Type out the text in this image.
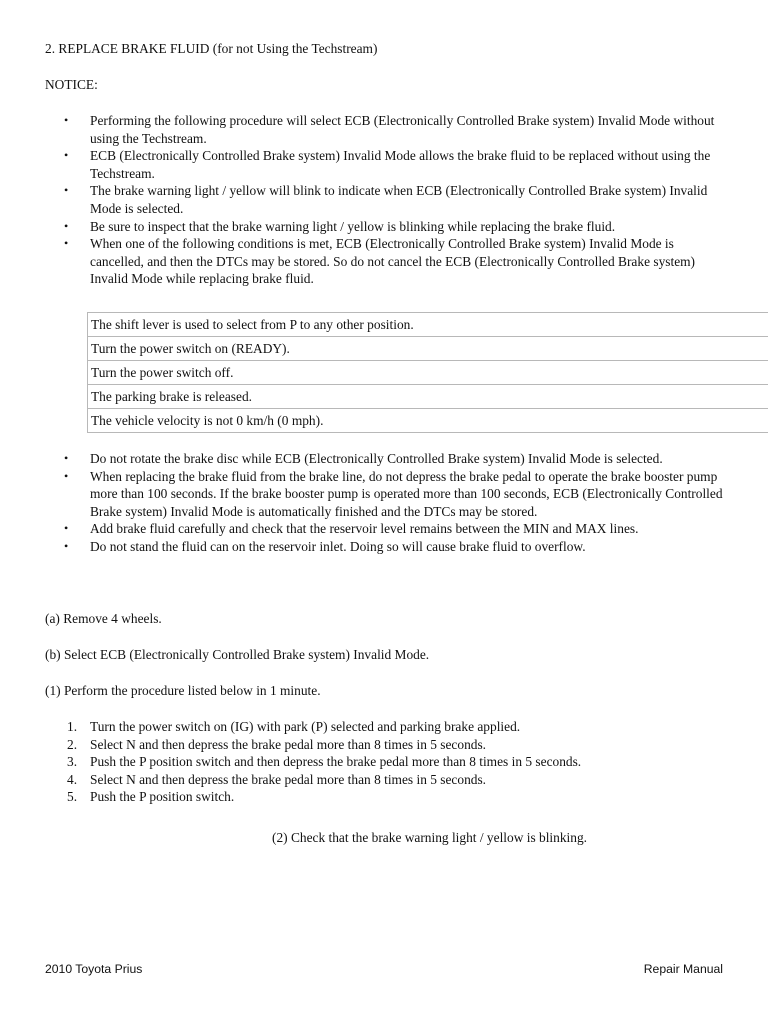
2. REPLACE BRAKE FLUID (for not Using the Techstream)
NOTICE:
• Performing the following procedure will select ECB (Electronically Controlled Brake system) Invalid Mode without using the Techstream.
• ECB (Electronically Controlled Brake system) Invalid Mode allows the brake fluid to be replaced without using the Techstream.
• The brake warning light / yellow will blink to indicate when ECB (Electronically Controlled Brake system) Invalid Mode is selected.
• Be sure to inspect that the brake warning light / yellow is blinking while replacing the brake fluid.
• When one of the following conditions is met, ECB (Electronically Controlled Brake system) Invalid Mode is cancelled, and then the DTCs may be stored. So do not cancel the ECB (Electronically Controlled Brake system) Invalid Mode while replacing brake fluid.
The shift lever is used to select from P to any other position.
Turn the power switch on (READY).
Turn the power switch off.
The parking brake is released.
The vehicle velocity is not 0 km/h (0 mph).
• Do not rotate the brake disc while ECB (Electronically Controlled Brake system) Invalid Mode is selected.
• When replacing the brake fluid from the brake line, do not depress the brake pedal to operate the brake booster pump more than 100 seconds. If the brake booster pump is operated more than 100 seconds, ECB (Electronically Controlled Brake system) Invalid Mode is automatically finished and the DTCs may be stored.
• Add brake fluid carefully and check that the reservoir level remains between the MIN and MAX lines.
• Do not stand the fluid can on the reservoir inlet. Doing so will cause brake fluid to overflow.
(a) Remove 4 wheels.
(b) Select ECB (Electronically Controlled Brake system) Invalid Mode.
(1) Perform the procedure listed below in 1 minute.
1. Turn the power switch on (IG) with park (P) selected and parking brake applied.
2. Select N and then depress the brake pedal more than 8 times in 5 seconds.
3. Push the P position switch and then depress the brake pedal more than 8 times in 5 seconds.
4. Select N and then depress the brake pedal more than 8 times in 5 seconds.
5. Push the P position switch.
(2) Check that the brake warning light / yellow is blinking.
2010 Toyota Prius	Repair Manual
